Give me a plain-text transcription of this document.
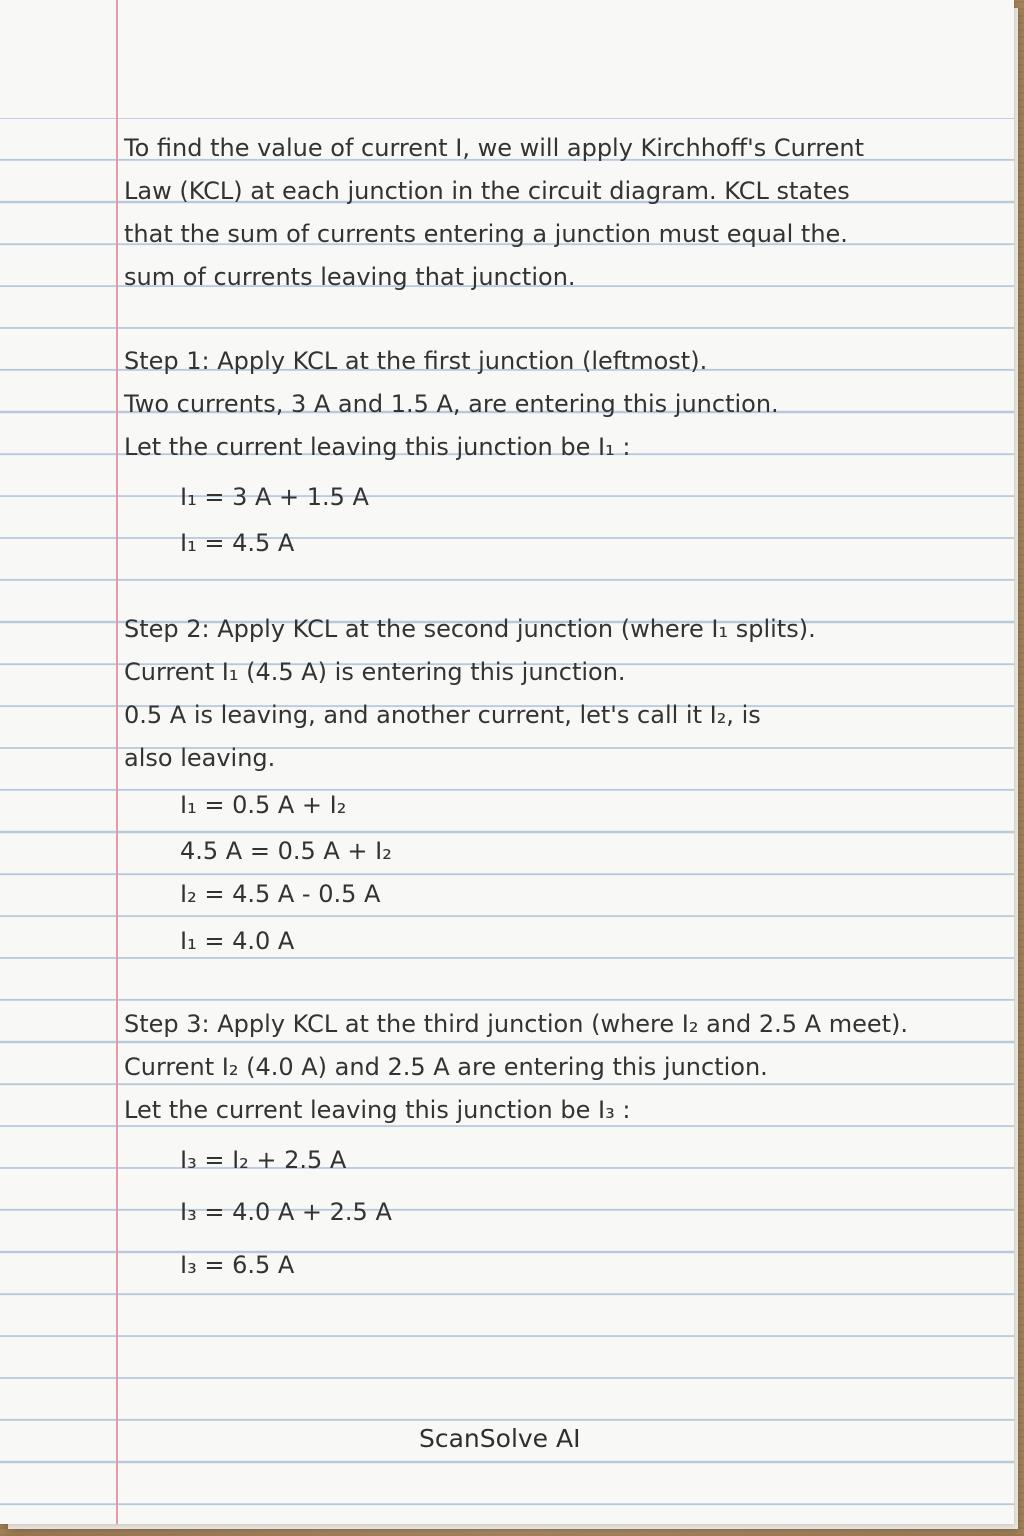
To find the value of current I, we will apply Kirchhoff's Current
Law (KCL) at each junction in the circuit diagram. KCL states
that the sum of currents entering a junction must equal the.
sum of currents leaving that junction.
Step 1: Apply KCL at the first junction (leftmost).
Two currents, 3 A and 1.5 A, are entering this junction.
Let the current leaving this junction be I₁ :
I₁ = 3 A + 1.5 A
I₁ = 4.5 A
Step 2: Apply KCL at the second junction (where I₁ splits).
Current I₁ (4.5 A) is entering this junction.
0.5 A is leaving, and another current, let's call it I₂, is
also leaving.
I₁ = 0.5 A + I₂
4.5 A = 0.5 A + I₂
I₂ = 4.5 A - 0.5 A
I₁ = 4.0 A
Step 3: Apply KCL at the third junction (where I₂ and 2.5 A meet).
Current I₂ (4.0 A) and 2.5 A are entering this junction.
Let the current leaving this junction be I₃ :
I₃ = I₂ + 2.5 A
I₃ = 4.0 A + 2.5 A
I₃ = 6.5 A
ScanSolve AI
